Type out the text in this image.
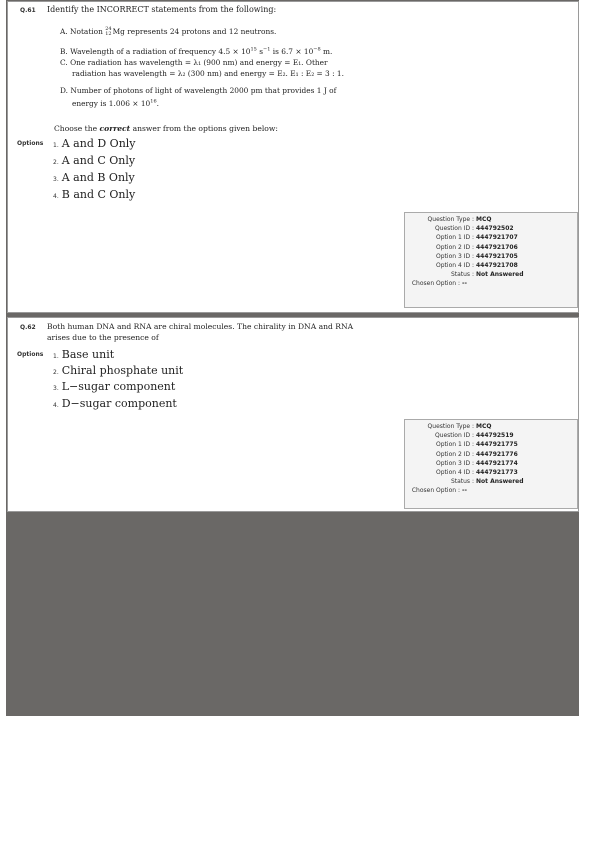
Q.61 Identify the INCORRECT statements from the following:
A. Notation 24
12Mg represents 24 protons and 12 neutrons.
B. Wavelength of a radiation of frequency $4.5 \times 10^{15}$ $s^{-1}$ is $6.7 \times 10^{-8}$ m.
C. One radiation has wavelength = λ₁ (900 nm) and energy = E₁. Other
radiation has wavelength = λ₂ (300 nm) and energy = E₂. E₁ : E₂ = 3 : 1.
D. Number of photons of light of wavelength 2000 pm that provides 1 J of
energy is $1.006 \times 10^{16}$.
Choose the correct answer from the options given below:
Options 1. A and D Only
2. A and C Only
3. A and B Only
4. B and C Only
Question Type : MCQ
Question ID : 444792502
Option 1 ID : 4447921707
Option 2 ID : 4447921706
Option 3 ID : 4447921705
Option 4 ID : 4447921708
Status : Not Answered
Chosen Option : --
Q.62 Both human DNA and RNA are chiral molecules. The chirality in DNA and RNA
arises due to the presence of
Options 1. Base unit
2. Chiral phosphate unit
3. L−sugar component
4. D−sugar component
Question Type : MCQ
Question ID : 444792519
Option 1 ID : 4447921775
Option 2 ID : 4447921776
Option 3 ID : 4447921774
Option 4 ID : 4447921773
Status : Not Answered
Chosen Option : --
